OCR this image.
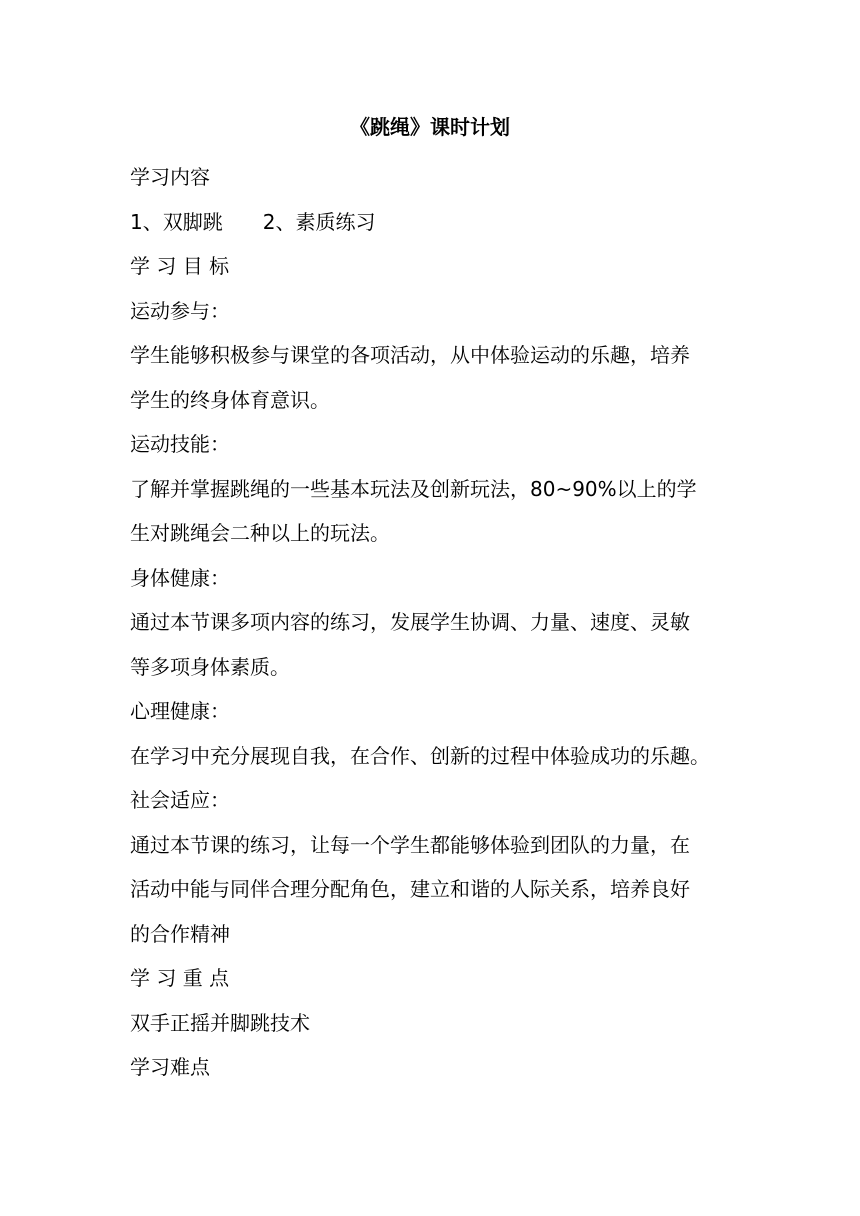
《跳绳》课时计划
学习内容
1、双脚跳 2、素质练习
学 习 目 标
运动参与：
学生能够积极参与课堂的各项活动，从中体验运动的乐趣，培养
学生的终身体育意识。
运动技能：
了解并掌握跳绳的一些基本玩法及创新玩法，80~90%以上的学
生对跳绳会二种以上的玩法。
身体健康：
通过本节课多项内容的练习，发展学生协调、力量、速度、灵敏
等多项身体素质。
心理健康：
在学习中充分展现自我，在合作、创新的过程中体验成功的乐趣。
社会适应：
通过本节课的练习，让每一个学生都能够体验到团队的力量，在
活动中能与同伴合理分配角色，建立和谐的人际关系，培养良好
的合作精神
学 习 重 点
双手正摇并脚跳技术
学习难点
